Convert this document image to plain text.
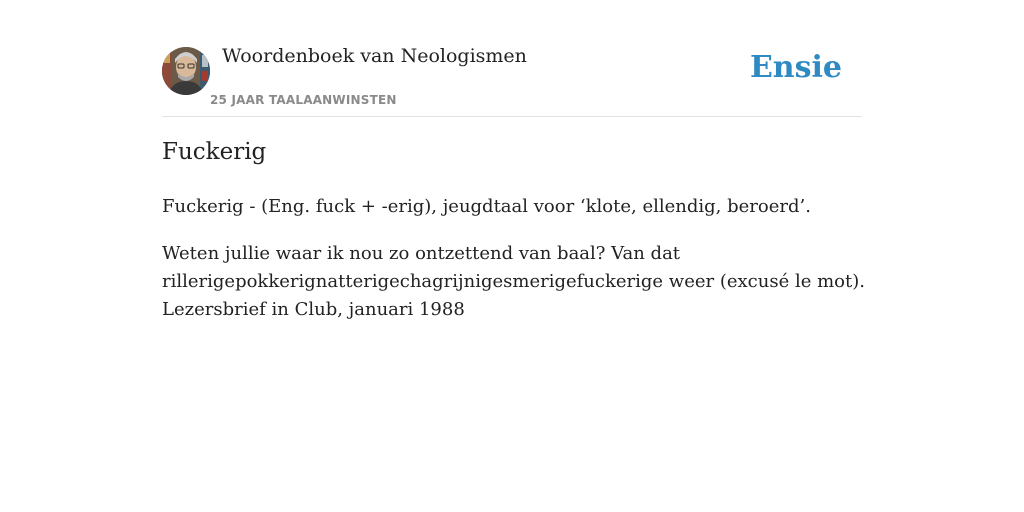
Woordenboek van Neologismen
25 JAAR TAALAANWINSTEN
Ensie
Fuckerig

Fuckerig - (Eng. fuck + -erig), jeugdtaal voor ‘klote, ellendig, beroerd’.

Weten jullie waar ik nou zo ontzettend van baal? Van dat
rillerigepokkerignatterigechagrijnigesmerigefuckerige weer (excusé le mot).
Lezersbrief in Club, januari 1988
